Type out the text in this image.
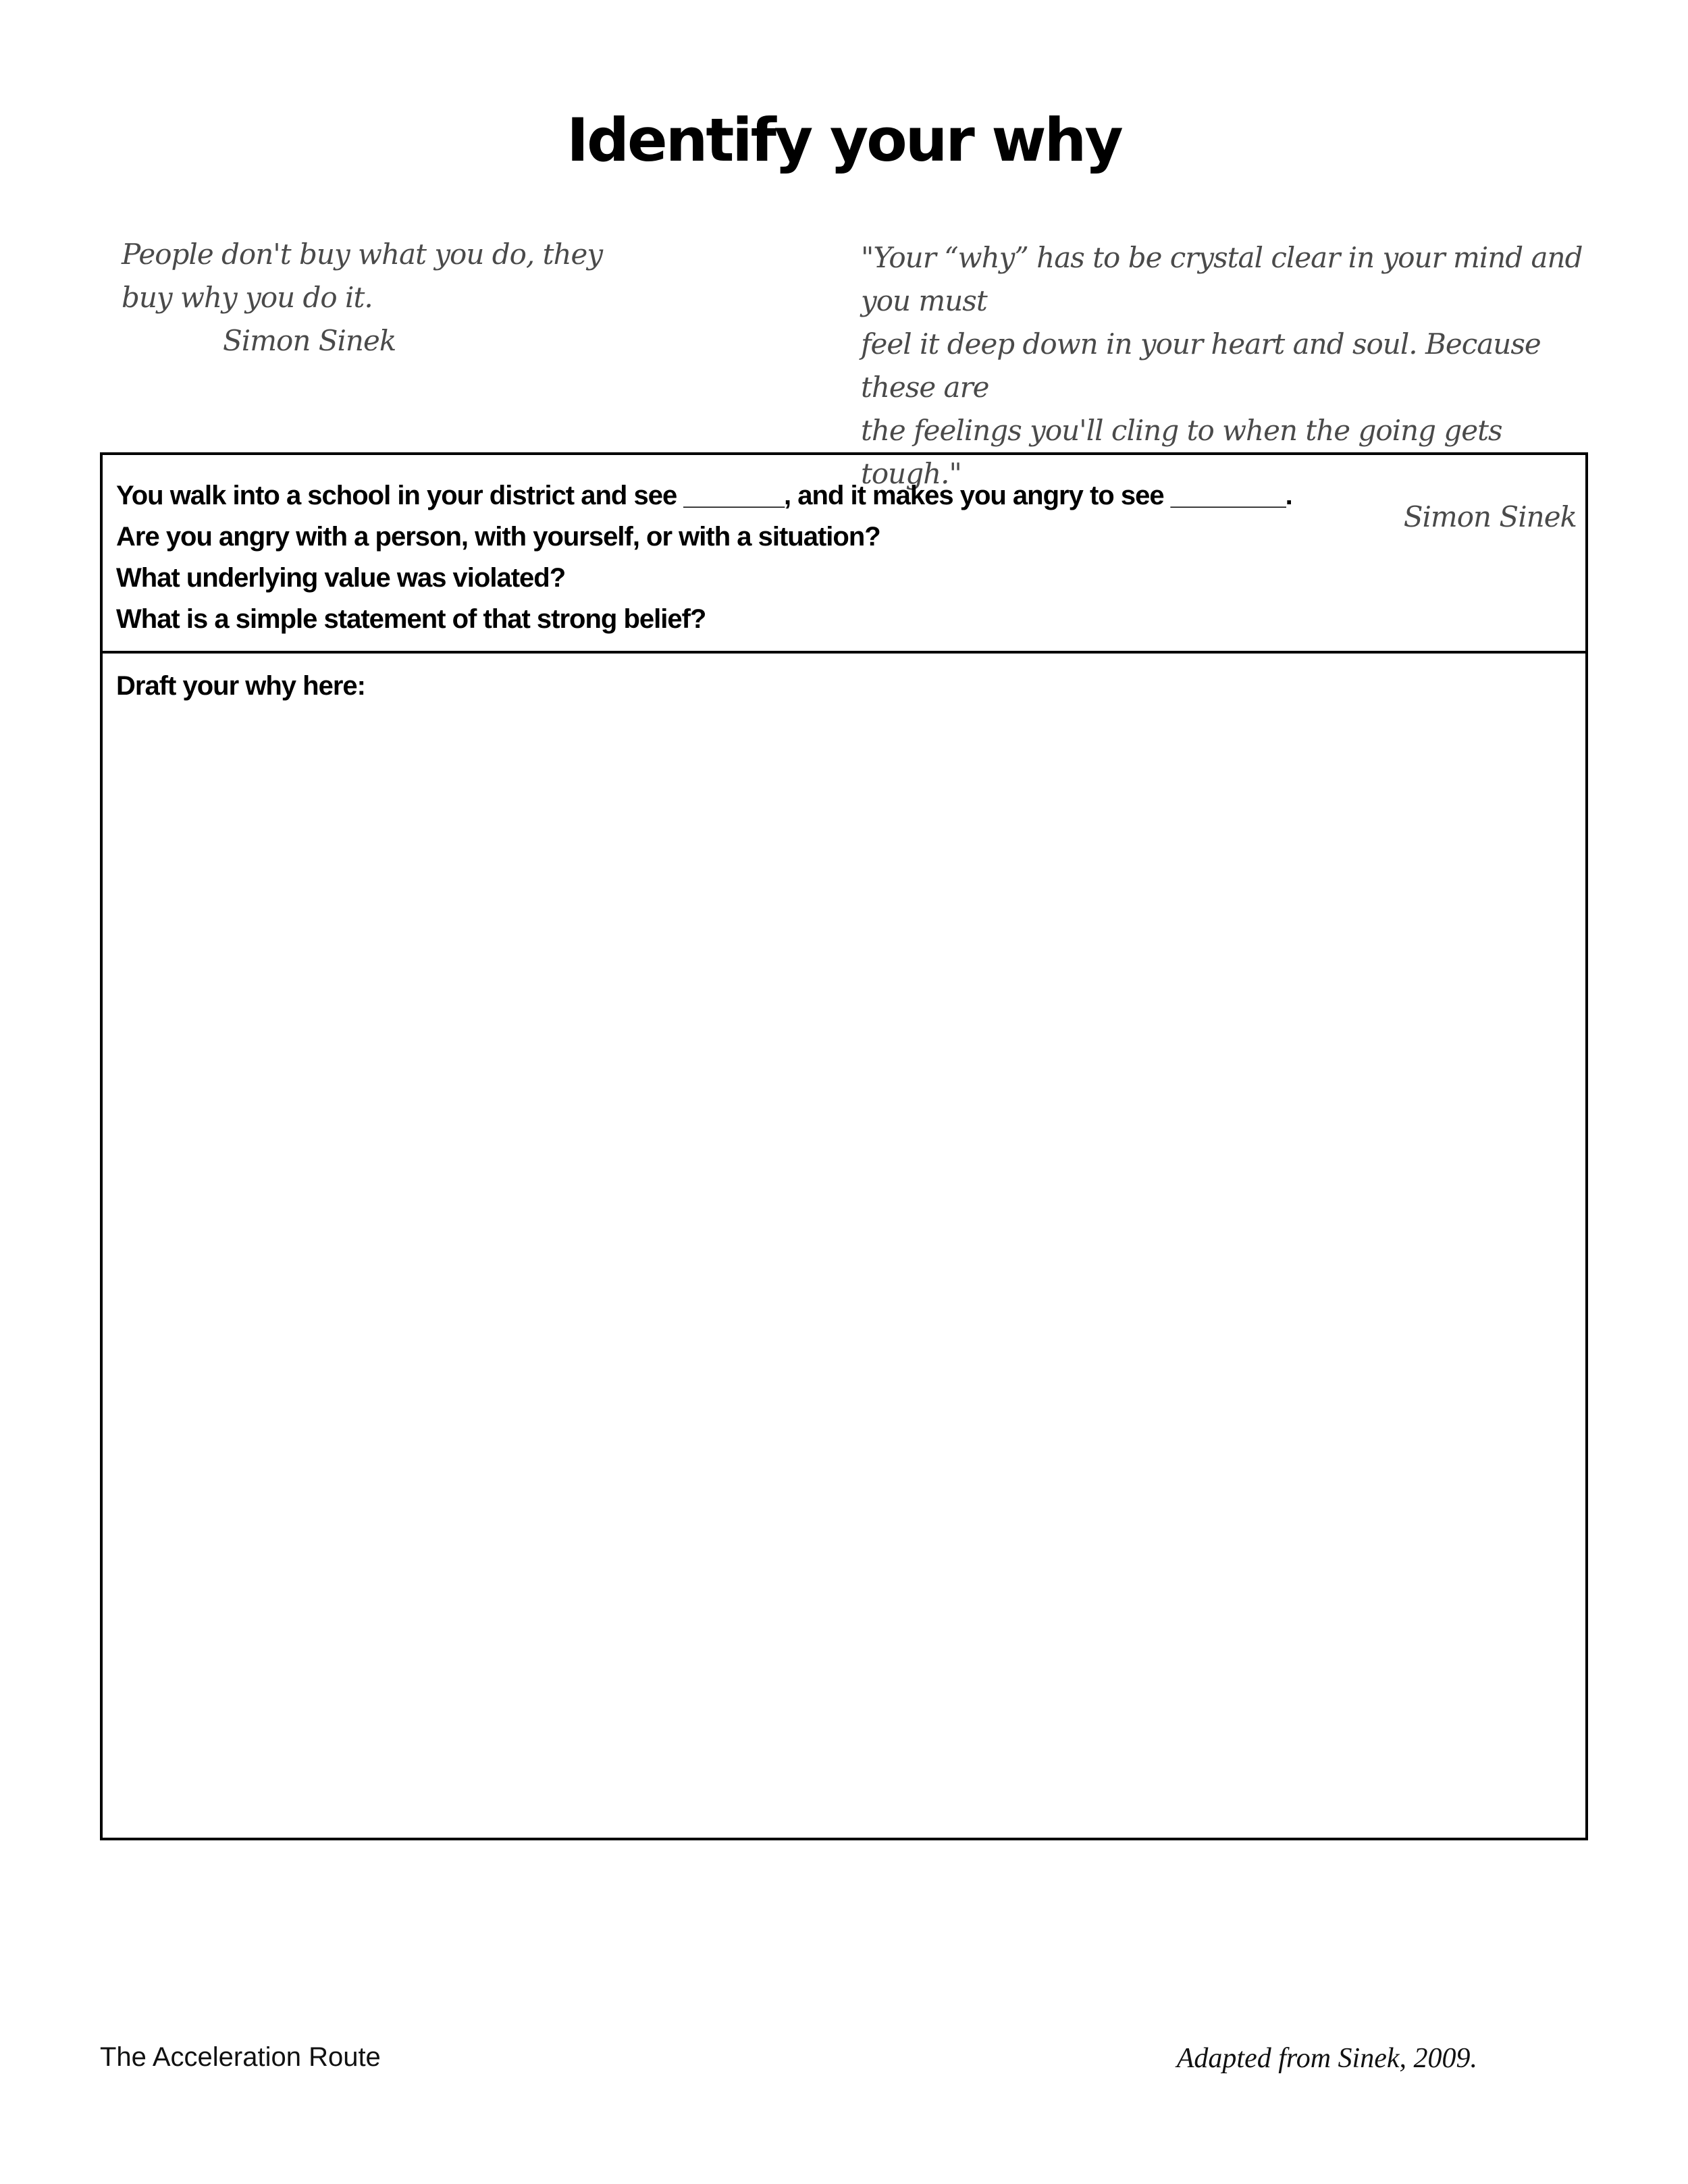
Identify your why

People don't buy what you do, they

buy why you do it.

Simon Sinek

"Your “why” has to be crystal clear in your mind and you must

feel it deep down in your heart and soul. Because these are

the feelings you'll cling to when the going gets tough."

Simon Sinek

You walk into a school in your district and see _______, and it makes you angry to see ________.

Are you angry with a person, with yourself, or with a situation?

What underlying value was violated?

What is a simple statement of that strong belief?

Draft your why here:

The Acceleration Route	Adapted from Sinek, 2009.
